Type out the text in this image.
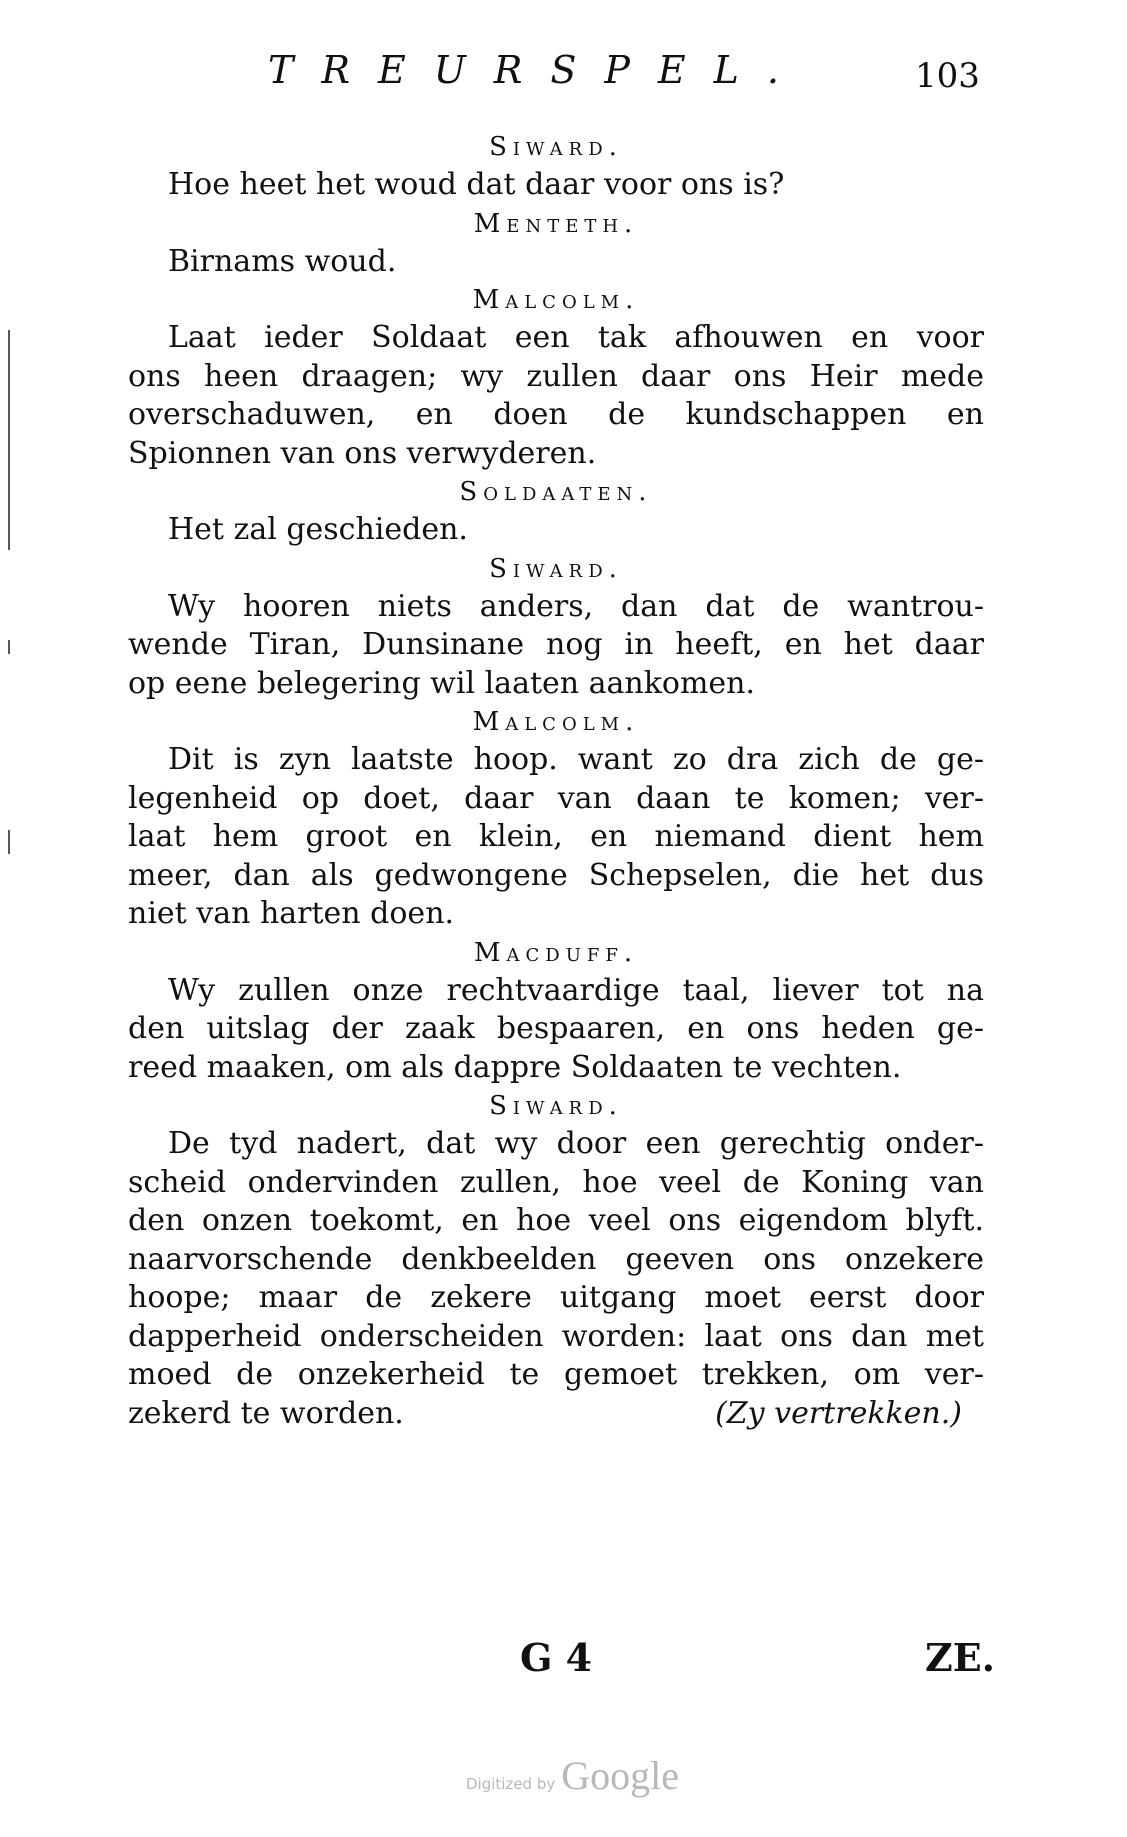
TREURSPEL.	103
Siward.
Hoe heet het woud dat daar voor ons is?
Menteth.
Birnams woud.
Malcolm.
Laat ieder Soldaat een tak afhouwen en voor
ons heen draagen; wy zullen daar ons Heir mede
overschaduwen, en doen de kundschappen en
Spionnen van ons verwyderen.
Soldaaten.
Het zal geschieden.
Siward.
Wy hooren niets anders, dan dat de wantrou-
wende Tiran, Dunsinane nog in heeft, en het daar
op eene belegering wil laaten aankomen.
Malcolm.
Dit is zyn laatste hoop. want zo dra zich de ge-
legenheid op doet, daar van daan te komen; ver-
laat hem groot en klein, en niemand dient hem
meer, dan als gedwongene Schepselen, die het dus
niet van harten doen.
Macduff.
Wy zullen onze rechtvaardige taal, liever tot na
den uitslag der zaak bespaaren, en ons heden ge-
reed maaken, om als dappre Soldaaten te vechten.
Siward.
De tyd nadert, dat wy door een gerechtig onder-
scheid ondervinden zullen, hoe veel de Koning van
den onzen toekomt, en hoe veel ons eigendom blyft.
naarvorschende denkbeelden geeven ons onzekere
hoope; maar de zekere uitgang moet eerst door
dapperheid onderscheiden worden: laat ons dan met
moed de onzekerheid te gemoet trekken, om ver-
zekerd te worden.	(Zy vertrekken.)
G 4	ZE.
Digitized by Google
